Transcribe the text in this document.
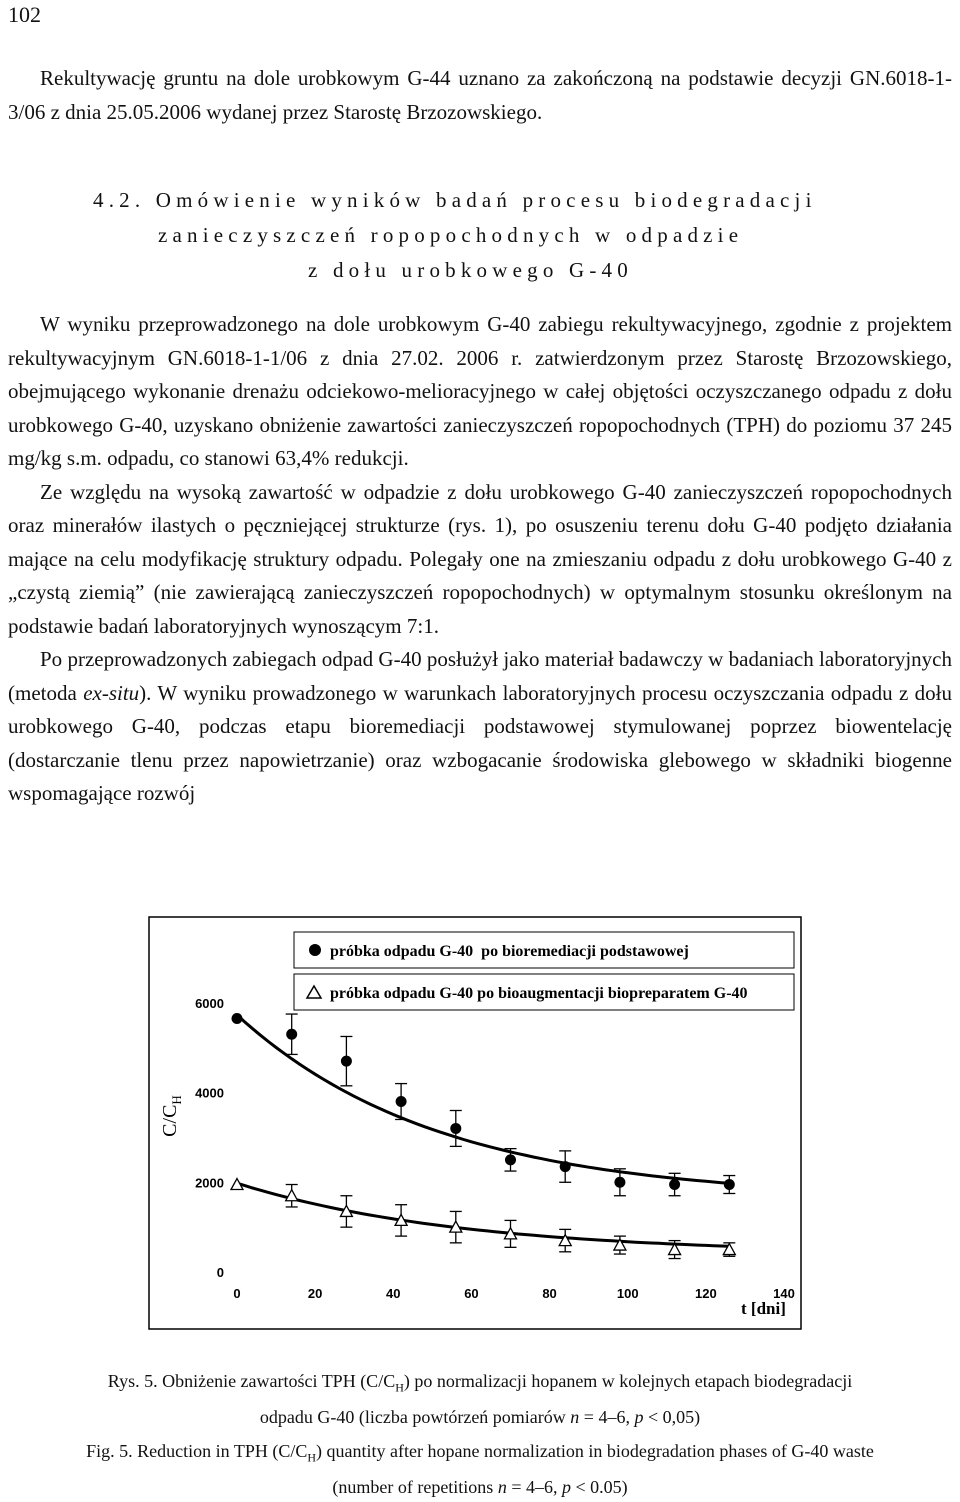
102

Rekultywację gruntu na dole urobkowym G-44 uznano za zakończoną na podstawie decyzji GN.6018-1-3/06 z dnia 25.05.2006 wydanej przez Starostę Brzozowskiego.

4.2. Omówienie wyników badań procesu biodegradacji
zanieczyszczeń ropopochodnych w odpadzie
z dołu urobkowego G-40

W wyniku przeprowadzonego na dole urobkowym G-40 zabiegu rekultywacyjnego, zgodnie z projektem rekultywacyjnym GN.6018-1-1/06 z dnia 27.02. 2006 r. zatwierdzonym przez Starostę Brzozowskiego, obejmującego wykonanie drenażu odciekowo-melioracyjnego w całej objętości oczyszczanego odpadu z dołu urobkowego G-40, uzyskano obniżenie zawartości zanieczyszczeń ropopochodnych (TPH) do poziomu 37 245 mg/kg s.m. odpadu, co stanowi 63,4% redukcji.

Ze względu na wysoką zawartość w odpadzie z dołu urobkowego G-40 zanieczyszczeń ropopochodnych oraz minerałów ilastych o pęczniejącej strukturze (rys. 1), po osuszeniu terenu dołu G-40 podjęto działania mające na celu modyfikację struktury odpadu. Polegały one na zmieszaniu odpadu z dołu urobkowego G-40 z „czystą ziemią” (nie zawierającą zanieczyszczeń ropopochodnych) w optymalnym stosunku określonym na podstawie badań laboratoryjnych wynoszącym 7:1.

Po przeprowadzonych zabiegach odpad G-40 posłużył jako materiał badawczy w badaniach laboratoryjnych (metoda ex-situ). W wyniku prowadzonego w warunkach laboratoryjnych procesu oczyszczania odpadu z dołu urobkowego G-40, podczas etapu bioremediacji podstawowej stymulowanej poprzez biowentelację (dostarczanie tlenu przez napowietrzanie) oraz wzbogacanie środowiska glebowego w składniki biogenne wspomagające rozwój

próbka odpadu G-40  po bioremediacji podstawowej
próbka odpadu G-40 po bioaugmentacji biopreparatem G-40
$C/C_H$
t [dni]
0	20	40	60	80	100	120	140
0
2000
4000
6000
Rys. 5. Obniżenie zawartości TPH $(C/C_H)$ po normalizacji hopanem w kolejnych etapach biodegradacji
odpadu G-40 (liczba powtórzeń pomiarów n = 4–6, p < 0,05)
Fig. 5. Reduction in TPH $(C/C_H)$ quantity after hopane normalization in biodegradation phases of G-40 waste
(number of repetitions n = 4–6, p < 0.05)
